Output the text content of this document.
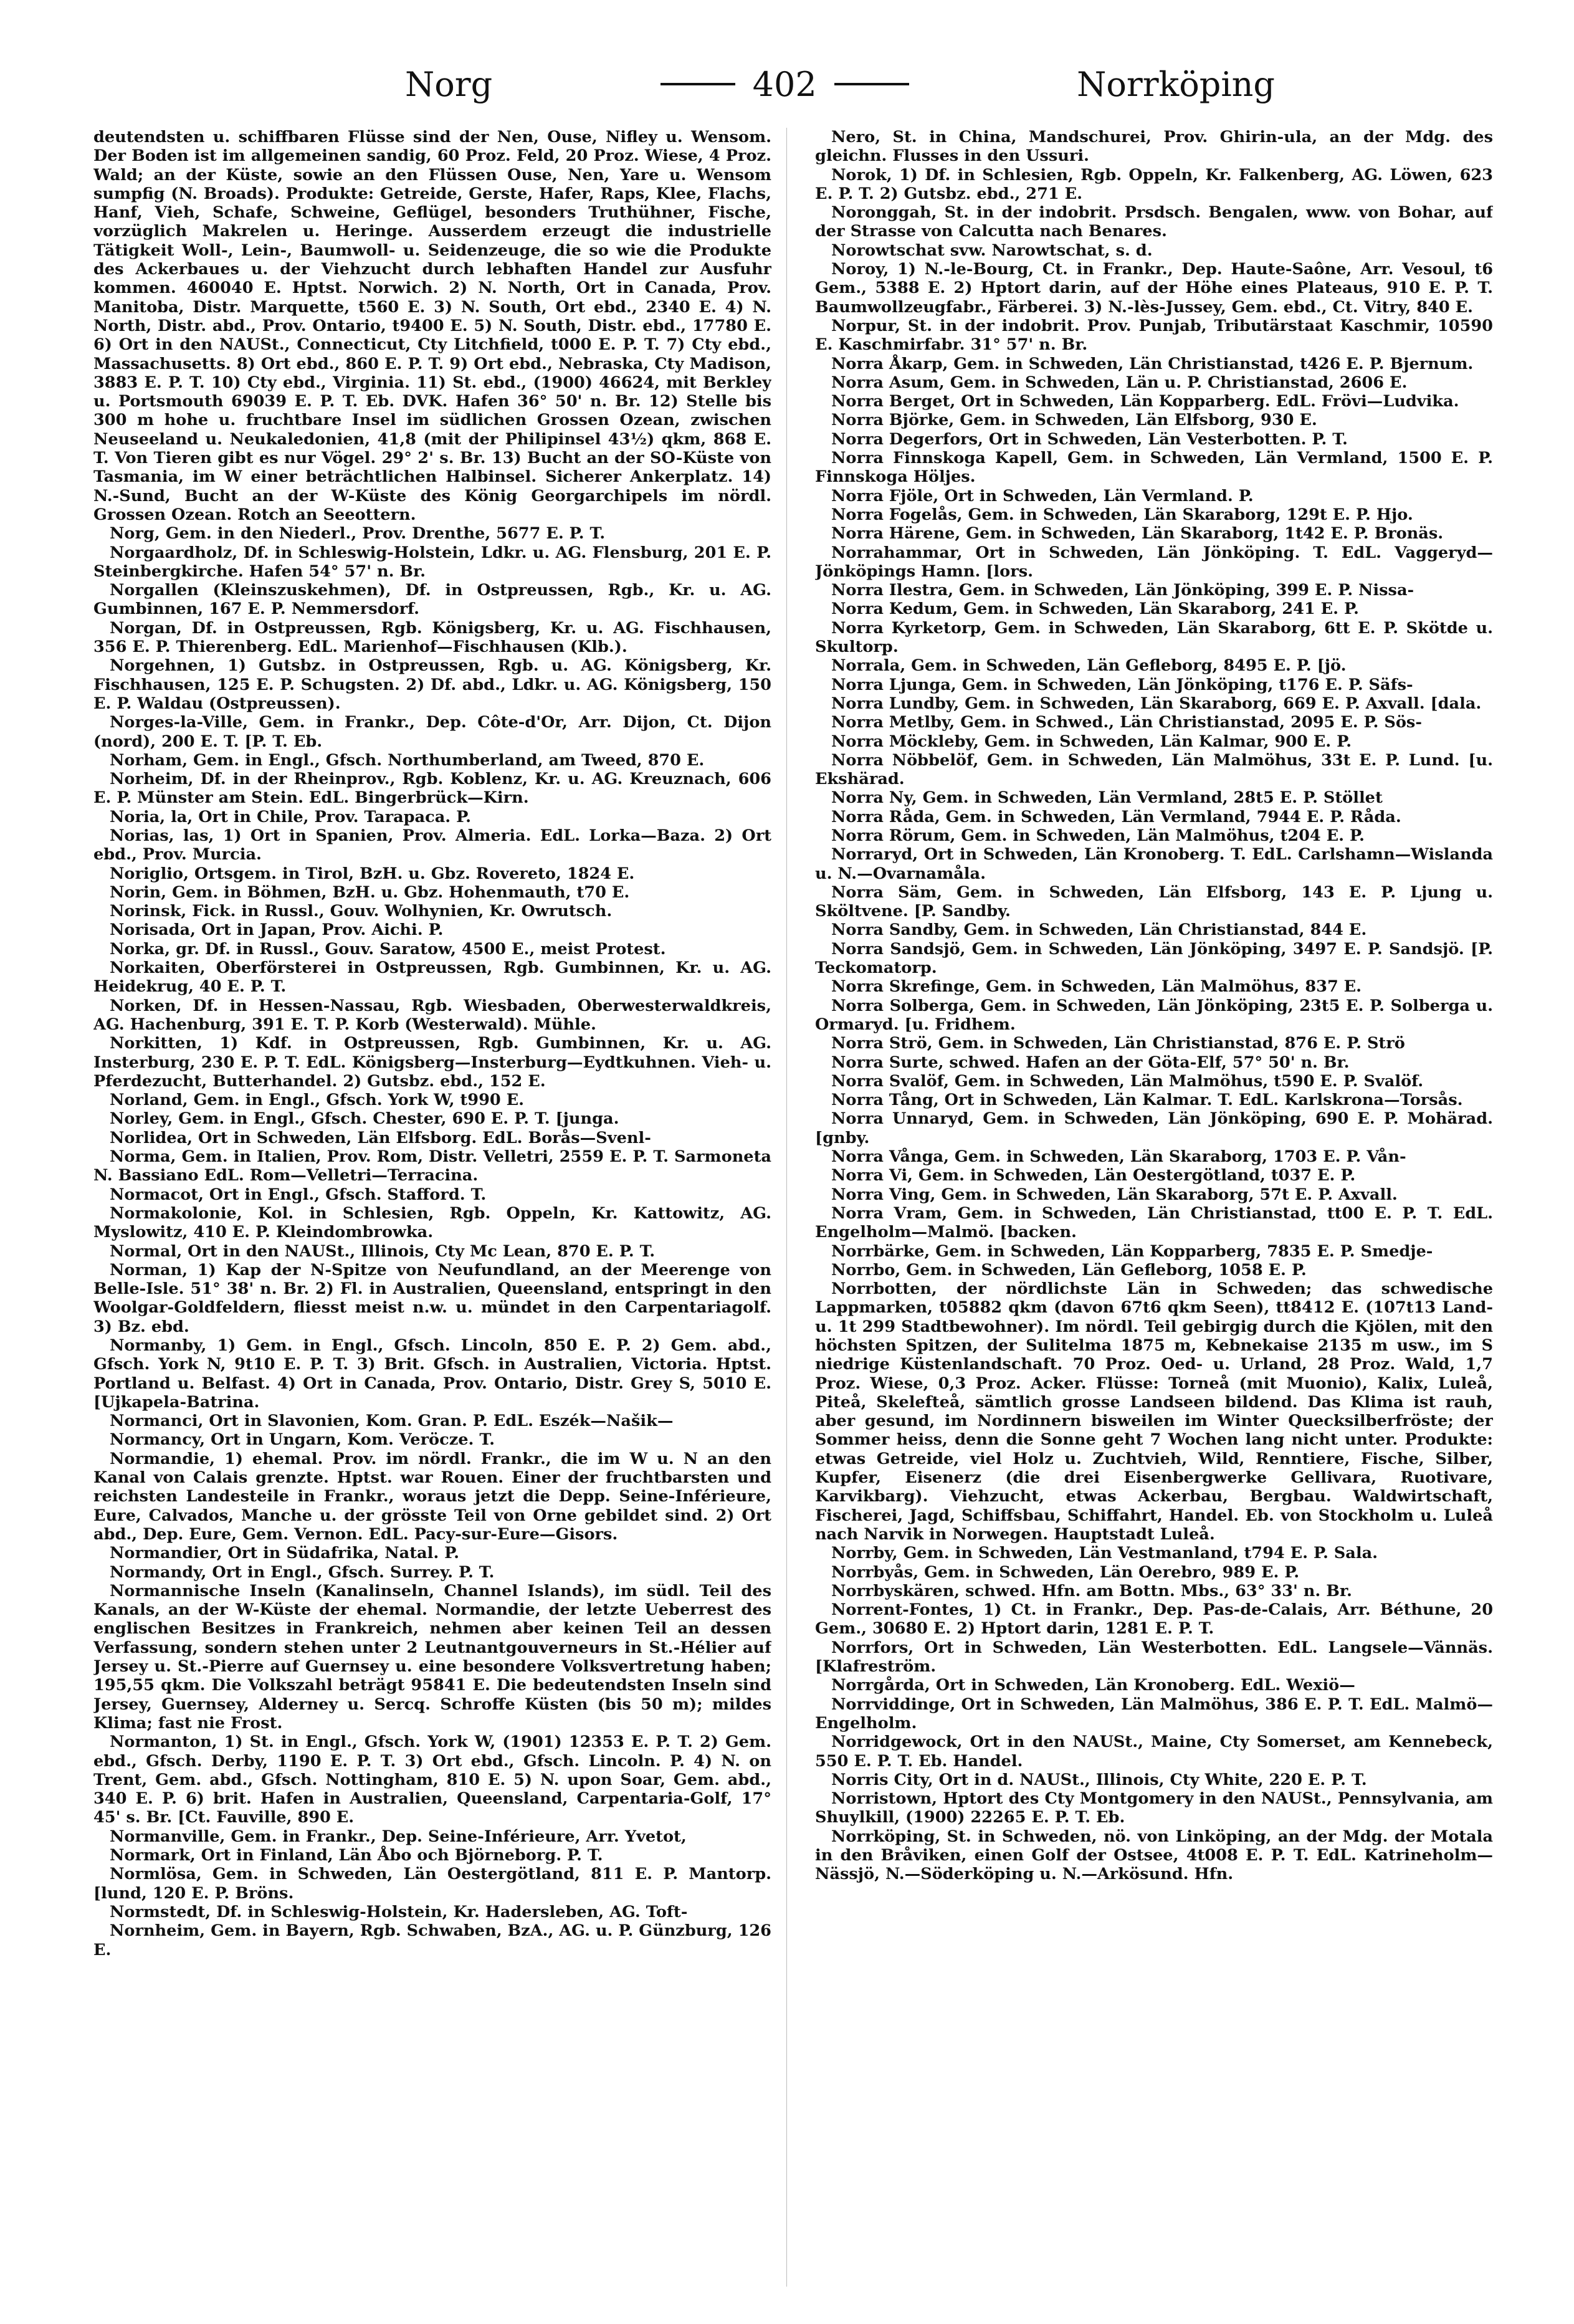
Norg	402	Norrköping

deutendsten u. schiffbaren Flüsse sind der Nen, Ouse, Nifley u. Wensom. Der Boden ist im allgemeinen sandig, 60 Proz. Feld, 20 Proz. Wiese, 4 Proz. Wald; an der Küste, sowie an den Flüssen Ouse, Nen, Yare u. Wensom sumpfig (N. Broads). Produkte: Getreide, Gerste, Hafer, Raps, Klee, Flachs, Hanf, Vieh, Schafe, Schweine, Geflügel, besonders Truthühner, Fische, vorzüglich Makrelen u. Heringe. Ausserdem erzeugt die industrielle Tätigkeit Woll-, Lein-, Baumwoll- u. Seidenzeuge, die so wie die Produkte des Ackerbaues u. der Viehzucht durch lebhaften Handel zur Ausfuhr kommen. 460040 E. Hptst. Norwich. 2) N. North, Ort in Canada, Prov. Manitoba, Distr. Marquette, t560 E. 3) N. South, Ort ebd., 2340 E. 4) N. North, Distr. abd., Prov. Ontario, t9400 E. 5) N. South, Distr. ebd., 17780 E. 6) Ort in den NAUSt., Connecticut, Cty Litchfield, t000 E. P. T. 7) Cty ebd., Massachusetts. 8) Ort ebd., 860 E. P. T. 9) Ort ebd., Nebraska, Cty Madison, 3883 E. P. T. 10) Cty ebd., Virginia. 11) St. ebd., (1900) 46624, mit Berkley u. Portsmouth 69039 E. P. T. Eb. DVK. Hafen 36° 50' n. Br. 12) Stelle bis 300 m hohe u. fruchtbare Insel im südlichen Grossen Ozean, zwischen Neuseeland u. Neukaledonien, 41,8 (mit der Philipinsel 43½) qkm, 868 E. T. Von Tieren gibt es nur Vögel. 29° 2' s. Br. 13) Bucht an der SO-Küste von Tasmania, im W einer beträchtlichen Halbinsel. Sicherer Ankerplatz. 14) N.-Sund, Bucht an der W-Küste des König Georgarchipels im nördl. Grossen Ozean. Rotch an Seeottern.

Norg, Gem. in den Niederl., Prov. Drenthe, 5677 E. P. T.

Norgaardholz, Df. in Schleswig-Holstein, Ldkr. u. AG. Flensburg, 201 E. P. Steinbergkirche. Hafen 54° 57' n. Br.

Norgallen (Kleinszuskehmen), Df. in Ostpreussen, Rgb., Kr. u. AG. Gumbinnen, 167 E. P. Nemmersdorf.

Norgan, Df. in Ostpreussen, Rgb. Königsberg, Kr. u. AG. Fischhausen, 356 E. P. Thierenberg. EdL. Marienhof—Fischhausen (Klb.).

Norgehnen, 1) Gutsbz. in Ostpreussen, Rgb. u. AG. Königsberg, Kr. Fischhausen, 125 E. P. Schugsten. 2) Df. abd., Ldkr. u. AG. Königsberg, 150 E. P. Waldau (Ostpreussen).

Norges-la-Ville, Gem. in Frankr., Dep. Côte-d'Or, Arr. Dijon, Ct. Dijon (nord), 200 E. T. [P. T. Eb.

Norham, Gem. in Engl., Gfsch. Northumberland, am Tweed, 870 E.

Norheim, Df. in der Rheinprov., Rgb. Koblenz, Kr. u. AG. Kreuznach, 606 E. P. Münster am Stein. EdL. Bingerbrück—Kirn.

Noria, la, Ort in Chile, Prov. Tarapaca. P.

Norias, las, 1) Ort in Spanien, Prov. Almeria. EdL. Lorka—Baza. 2) Ort ebd., Prov. Murcia.

Noriglio, Ortsgem. in Tirol, BzH. u. Gbz. Rovereto, 1824 E.

Norin, Gem. in Böhmen, BzH. u. Gbz. Hohenmauth, t70 E.

Norinsk, Fick. in Russl., Gouv. Wolhynien, Kr. Owrutsch.

Norisada, Ort in Japan, Prov. Aichi. P.

Norka, gr. Df. in Russl., Gouv. Saratow, 4500 E., meist Protest.

Norkaiten, Oberförsterei in Ostpreussen, Rgb. Gumbinnen, Kr. u. AG. Heidekrug, 40 E. P. T.

Norken, Df. in Hessen-Nassau, Rgb. Wiesbaden, Oberwesterwaldkreis, AG. Hachenburg, 391 E. T. P. Korb (Westerwald). Mühle.

Norkitten, 1) Kdf. in Ostpreussen, Rgb. Gumbinnen, Kr. u. AG. Insterburg, 230 E. P. T. EdL. Königsberg—Insterburg—Eydtkuhnen. Vieh- u. Pferdezucht, Butterhandel. 2) Gutsbz. ebd., 152 E.

Norland, Gem. in Engl., Gfsch. York W, t990 E.

Norley, Gem. in Engl., Gfsch. Chester, 690 E. P. T. [junga.

Norlidea, Ort in Schweden, Län Elfsborg. EdL. Borås—Svenl-

Norma, Gem. in Italien, Prov. Rom, Distr. Velletri, 2559 E. P. T. Sarmoneta N. Bassiano EdL. Rom—Velletri—Terracina.

Normacot, Ort in Engl., Gfsch. Stafford. T.

Normakolonie, Kol. in Schlesien, Rgb. Oppeln, Kr. Kattowitz, AG. Myslowitz, 410 E. P. Kleindombrowka.

Normal, Ort in den NAUSt., Illinois, Cty Mc Lean, 870 E. P. T.

Norman, 1) Kap der N-Spitze von Neufundland, an der Meerenge von Belle-Isle. 51° 38' n. Br. 2) Fl. in Australien, Queensland, entspringt in den Woolgar-Goldfeldern, fliesst meist n.w. u. mündet in den Carpentariagolf. 3) Bz. ebd.

Normanby, 1) Gem. in Engl., Gfsch. Lincoln, 850 E. P. 2) Gem. abd., Gfsch. York N, 9t10 E. P. T. 3) Brit. Gfsch. in Australien, Victoria. Hptst. Portland u. Belfast. 4) Ort in Canada, Prov. Ontario, Distr. Grey S, 5010 E. [Ujkapela-Batrina.

Normanci, Ort in Slavonien, Kom. Gran. P. EdL. Eszék—Našik—

Normancy, Ort in Ungarn, Kom. Veröcze. T.

Normandie, 1) ehemal. Prov. im nördl. Frankr., die im W u. N an den Kanal von Calais grenzte. Hptst. war Rouen. Einer der fruchtbarsten und reichsten Landesteile in Frankr., woraus jetzt die Depp. Seine-Inférieure, Eure, Calvados, Manche u. der grösste Teil von Orne gebildet sind. 2) Ort abd., Dep. Eure, Gem. Vernon. EdL. Pacy-sur-Eure—Gisors.

Normandier, Ort in Südafrika, Natal. P.

Normandy, Ort in Engl., Gfsch. Surrey. P. T.

Normannische Inseln (Kanalinseln, Channel Islands), im südl. Teil des Kanals, an der W-Küste der ehemal. Normandie, der letzte Ueberrest des englischen Besitzes in Frankreich, nehmen aber keinen Teil an dessen Verfassung, sondern stehen unter 2 Leutnantgouverneurs in St.-Hélier auf Jersey u. St.-Pierre auf Guernsey u. eine besondere Volksvertretung haben; 195,55 qkm. Die Volkszahl beträgt 95841 E. Die bedeutendsten Inseln sind Jersey, Guernsey, Alderney u. Sercq. Schroffe Küsten (bis 50 m); mildes Klima; fast nie Frost.

Normanton, 1) St. in Engl., Gfsch. York W, (1901) 12353 E. P. T. 2) Gem. ebd., Gfsch. Derby, 1190 E. P. T. 3) Ort ebd., Gfsch. Lincoln. P. 4) N. on Trent, Gem. abd., Gfsch. Nottingham, 810 E. 5) N. upon Soar, Gem. abd., 340 E. P. 6) brit. Hafen in Australien, Queensland, Carpentaria-Golf, 17° 45' s. Br. [Ct. Fauville, 890 E.

Normanville, Gem. in Frankr., Dep. Seine-Inférieure, Arr. Yvetot,

Normark, Ort in Finland, Län Åbo och Björneborg. P. T.

Normlösa, Gem. in Schweden, Län Oestergötland, 811 E. P. Mantorp. [lund, 120 E. P. Bröns.

Normstedt, Df. in Schleswig-Holstein, Kr. Hadersleben, AG. Toft-

Nornheim, Gem. in Bayern, Rgb. Schwaben, BzA., AG. u. P. Günzburg, 126 E.

Nero, St. in China, Mandschurei, Prov. Ghirin-ula, an der Mdg. des gleichn. Flusses in den Ussuri.

Norok, 1) Df. in Schlesien, Rgb. Oppeln, Kr. Falkenberg, AG. Löwen, 623 E. P. T. 2) Gutsbz. ebd., 271 E.

Noronggah, St. in der indobrit. Prsdsch. Bengalen, www. von Bohar, auf der Strasse von Calcutta nach Benares.

Norowtschat svw. Narowtschat, s. d.

Noroy, 1) N.-le-Bourg, Ct. in Frankr., Dep. Haute-Saône, Arr. Vesoul, t6 Gem., 5388 E. 2) Hptort darin, auf der Höhe eines Plateaus, 910 E. P. T. Baumwollzeugfabr., Färberei. 3) N.-lès-Jussey, Gem. ebd., Ct. Vitry, 840 E.

Norpur, St. in der indobrit. Prov. Punjab, Tributärstaat Kaschmir, 10590 E. Kaschmirfabr. 31° 57' n. Br.

Norra Åkarp, Gem. in Schweden, Län Christianstad, t426 E. P. Bjernum.

Norra Asum, Gem. in Schweden, Län u. P. Christianstad, 2606 E.

Norra Berget, Ort in Schweden, Län Kopparberg. EdL. Frövi—Ludvika.

Norra Björke, Gem. in Schweden, Län Elfsborg, 930 E.

Norra Degerfors, Ort in Schweden, Län Vesterbotten. P. T.

Norra Finnskoga Kapell, Gem. in Schweden, Län Vermland, 1500 E. P. Finnskoga Höljes.

Norra Fjöle, Ort in Schweden, Län Vermland. P.

Norra Fogelås, Gem. in Schweden, Län Skaraborg, 129t E. P. Hjo.

Norra Härene, Gem. in Schweden, Län Skaraborg, 1t42 E. P. Bronäs.

Norrahammar, Ort in Schweden, Län Jönköping. T. EdL. Vaggeryd—Jönköpings Hamn. [lors.

Norra Ilestra, Gem. in Schweden, Län Jönköping, 399 E. P. Nissa-

Norra Kedum, Gem. in Schweden, Län Skaraborg, 241 E. P.

Norra Kyrketorp, Gem. in Schweden, Län Skaraborg, 6tt E. P. Skötde u. Skultorp.

Norrala, Gem. in Schweden, Län Gefleborg, 8495 E. P. [jö.

Norra Ljunga, Gem. in Schweden, Län Jönköping, t176 E. P. Säfs-

Norra Lundby, Gem. in Schweden, Län Skaraborg, 669 E. P. Axvall. [dala.

Norra Metlby, Gem. in Schwed., Län Christianstad, 2095 E. P. Sös-

Norra Möckleby, Gem. in Schweden, Län Kalmar, 900 E. P.

Norra Nöbbelöf, Gem. in Schweden, Län Malmöhus, 33t E. P. Lund. [u. Ekshärad.

Norra Ny, Gem. in Schweden, Län Vermland, 28t5 E. P. Stöllet

Norra Råda, Gem. in Schweden, Län Vermland, 7944 E. P. Råda.

Norra Rörum, Gem. in Schweden, Län Malmöhus, t204 E. P.

Norraryd, Ort in Schweden, Län Kronoberg. T. EdL. Carlshamn—Wislanda u. N.—Ovarnamåla.

Norra Säm, Gem. in Schweden, Län Elfsborg, 143 E. P. Ljung u. Sköltvene. [P. Sandby.

Norra Sandby, Gem. in Schweden, Län Christianstad, 844 E.

Norra Sandsjö, Gem. in Schweden, Län Jönköping, 3497 E. P. Sandsjö. [P. Teckomatorp.

Norra Skrefinge, Gem. in Schweden, Län Malmöhus, 837 E.

Norra Solberga, Gem. in Schweden, Län Jönköping, 23t5 E. P. Solberga u. Ormaryd. [u. Fridhem.

Norra Strö, Gem. in Schweden, Län Christianstad, 876 E. P. Strö

Norra Surte, schwed. Hafen an der Göta-Elf, 57° 50' n. Br.

Norra Svalöf, Gem. in Schweden, Län Malmöhus, t590 E. P. Svalöf.

Norra Tång, Ort in Schweden, Län Kalmar. T. EdL. Karlskrona—Torsås.

Norra Unnaryd, Gem. in Schweden, Län Jönköping, 690 E. P. Mohärad. [gnby.

Norra Vånga, Gem. in Schweden, Län Skaraborg, 1703 E. P. Vån-

Norra Vi, Gem. in Schweden, Län Oestergötland, t037 E. P.

Norra Ving, Gem. in Schweden, Län Skaraborg, 57t E. P. Axvall.

Norra Vram, Gem. in Schweden, Län Christianstad, tt00 E. P. T. EdL. Engelholm—Malmö. [backen.

Norrbärke, Gem. in Schweden, Län Kopparberg, 7835 E. P. Smedje-

Norrbo, Gem. in Schweden, Län Gefleborg, 1058 E. P.

Norrbotten, der nördlichste Län in Schweden; das schwedische Lappmarken, t05882 qkm (davon 67t6 qkm Seen), tt8412 E. (107t13 Land- u. 1t 299 Stadtbewohner). Im nördl. Teil gebirgig durch die Kjölen, mit den höchsten Spitzen, der Sulitelma 1875 m, Kebnekaise 2135 m usw., im S niedrige Küstenlandschaft. 70 Proz. Oed- u. Urland, 28 Proz. Wald, 1,7 Proz. Wiese, 0,3 Proz. Acker. Flüsse: Torneå (mit Muonio), Kalix, Luleå, Piteå, Skelefteå, sämtlich grosse Landseen bildend. Das Klima ist rauh, aber gesund, im Nordinnern bisweilen im Winter Quecksilberfröste; der Sommer heiss, denn die Sonne geht 7 Wochen lang nicht unter. Produkte: etwas Getreide, viel Holz u. Zuchtvieh, Wild, Renntiere, Fische, Silber, Kupfer, Eisenerz (die drei Eisenbergwerke Gellivara, Ruotivare, Karvikbarg). Viehzucht, etwas Ackerbau, Bergbau. Waldwirtschaft, Fischerei, Jagd, Schiffsbau, Schiffahrt, Handel. Eb. von Stockholm u. Luleå nach Narvik in Norwegen. Hauptstadt Luleå.

Norrby, Gem. in Schweden, Län Vestmanland, t794 E. P. Sala.

Norrbyås, Gem. in Schweden, Län Oerebro, 989 E. P.

Norrbyskären, schwed. Hfn. am Bottn. Mbs., 63° 33' n. Br.

Norrent-Fontes, 1) Ct. in Frankr., Dep. Pas-de-Calais, Arr. Béthune, 20 Gem., 30680 E. 2) Hptort darin, 1281 E. P. T.

Norrfors, Ort in Schweden, Län Westerbotten. EdL. Langsele—Vännäs. [Klafreström.

Norrgårda, Ort in Schweden, Län Kronoberg. EdL. Wexiö—

Norrviddinge, Ort in Schweden, Län Malmöhus, 386 E. P. T. EdL. Malmö—Engelholm.

Norridgewock, Ort in den NAUSt., Maine, Cty Somerset, am Kennebeck, 550 E. P. T. Eb. Handel.

Norris City, Ort in d. NAUSt., Illinois, Cty White, 220 E. P. T.

Norristown, Hptort des Cty Montgomery in den NAUSt., Pennsylvania, am Shuylkill, (1900) 22265 E. P. T. Eb.

Norrköping, St. in Schweden, nö. von Linköping, an der Mdg. der Motala in den Bråviken, einen Golf der Ostsee, 4t008 E. P. T. EdL. Katrineholm—Nässjö, N.—Söderköping u. N.—Arkösund. Hfn.
